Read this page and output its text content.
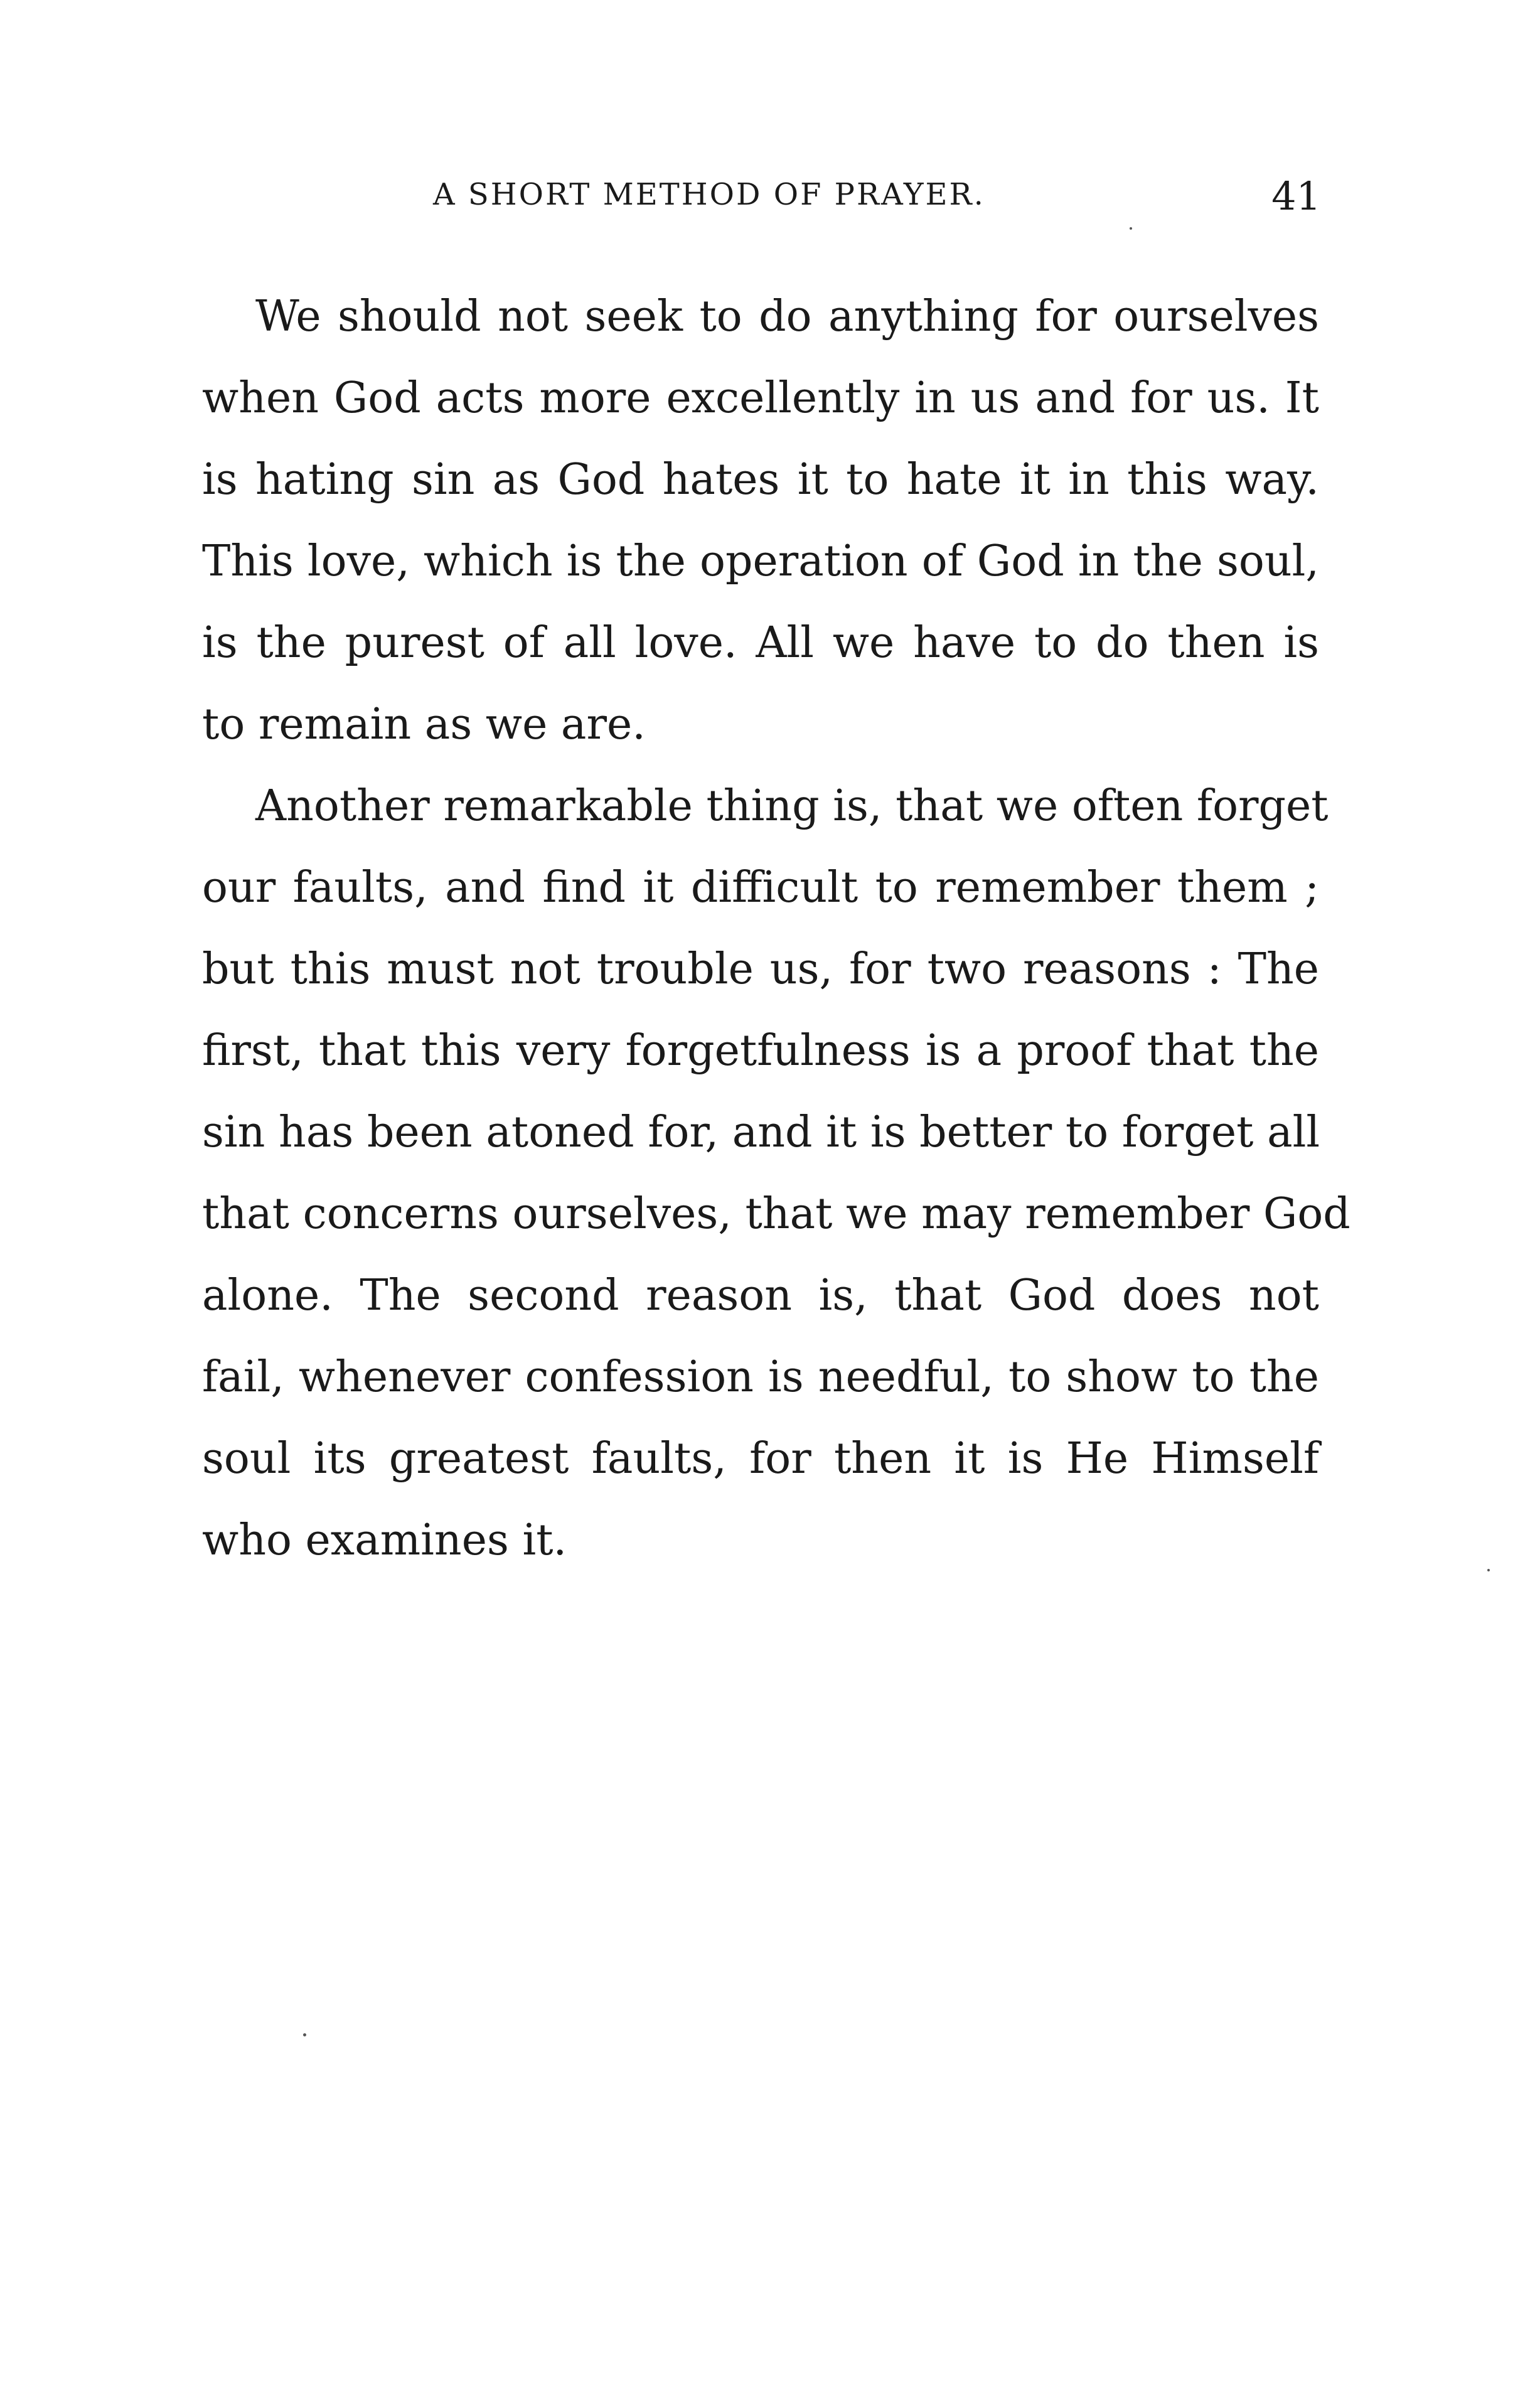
A SHORT METHOD OF PRAYER.	41
We should not seek to do anything for ourselves
when God acts more excellently in us and for us. It
is hating sin as God hates it to hate it in this way.
This love, which is the operation of God in the soul,
is the purest of all love. All we have to do then is
to remain as we are.
Another remarkable thing is, that we often forget
our faults, and find it difficult to remember them ;
but this must not trouble us, for two reasons : The
first, that this very forgetfulness is a proof that the
sin has been atoned for, and it is better to forget all
that concerns ourselves, that we may remember God
alone. The second reason is, that God does not
fail, whenever confession is needful, to show to the
soul its greatest faults, for then it is He Himself
who examines it.
